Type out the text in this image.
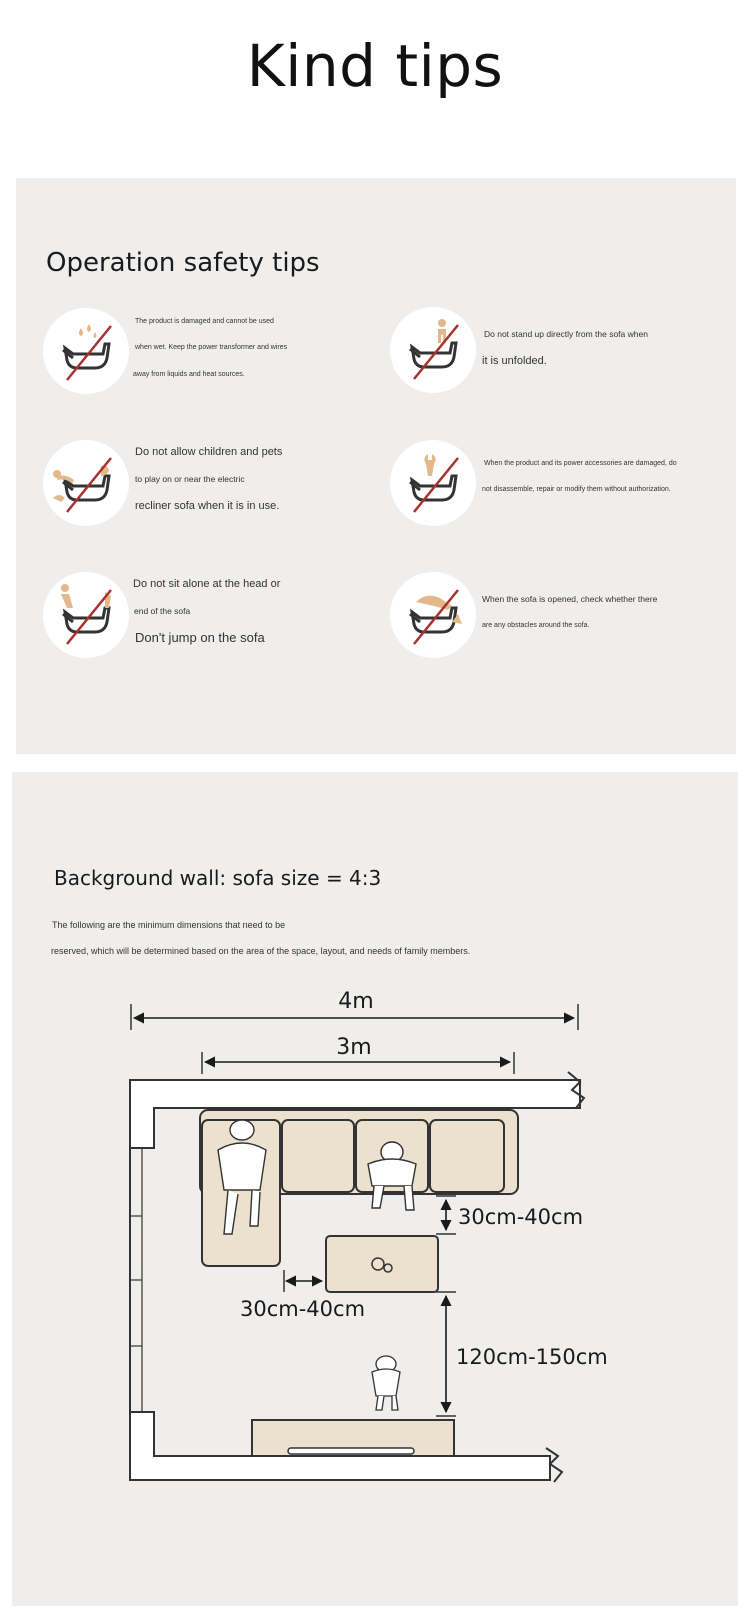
Kind tips
Operation safety tips
The product is damaged and cannot be used
when wet. Keep the power transformer and wires
away from liquids and heat sources.
Do not stand up directly from the sofa when
it is unfolded.
Do not allow children and pets
to play on or near the electric
recliner sofa when it is in use.
When the product and its power accessories are damaged, do
not disassemble, repair or modify them without authorization.
Do not sit alone at the head or
end of the sofa
Don't jump on the sofa
When the sofa is opened, check whether there
are any obstacles around the sofa.
Background wall: sofa size = 4:3
The following are the minimum dimensions that need to be
reserved, which will be determined based on the area of the space, layout, and needs of family members.
4m
3m
30cm-40cm
30cm-40cm
120cm-150cm
